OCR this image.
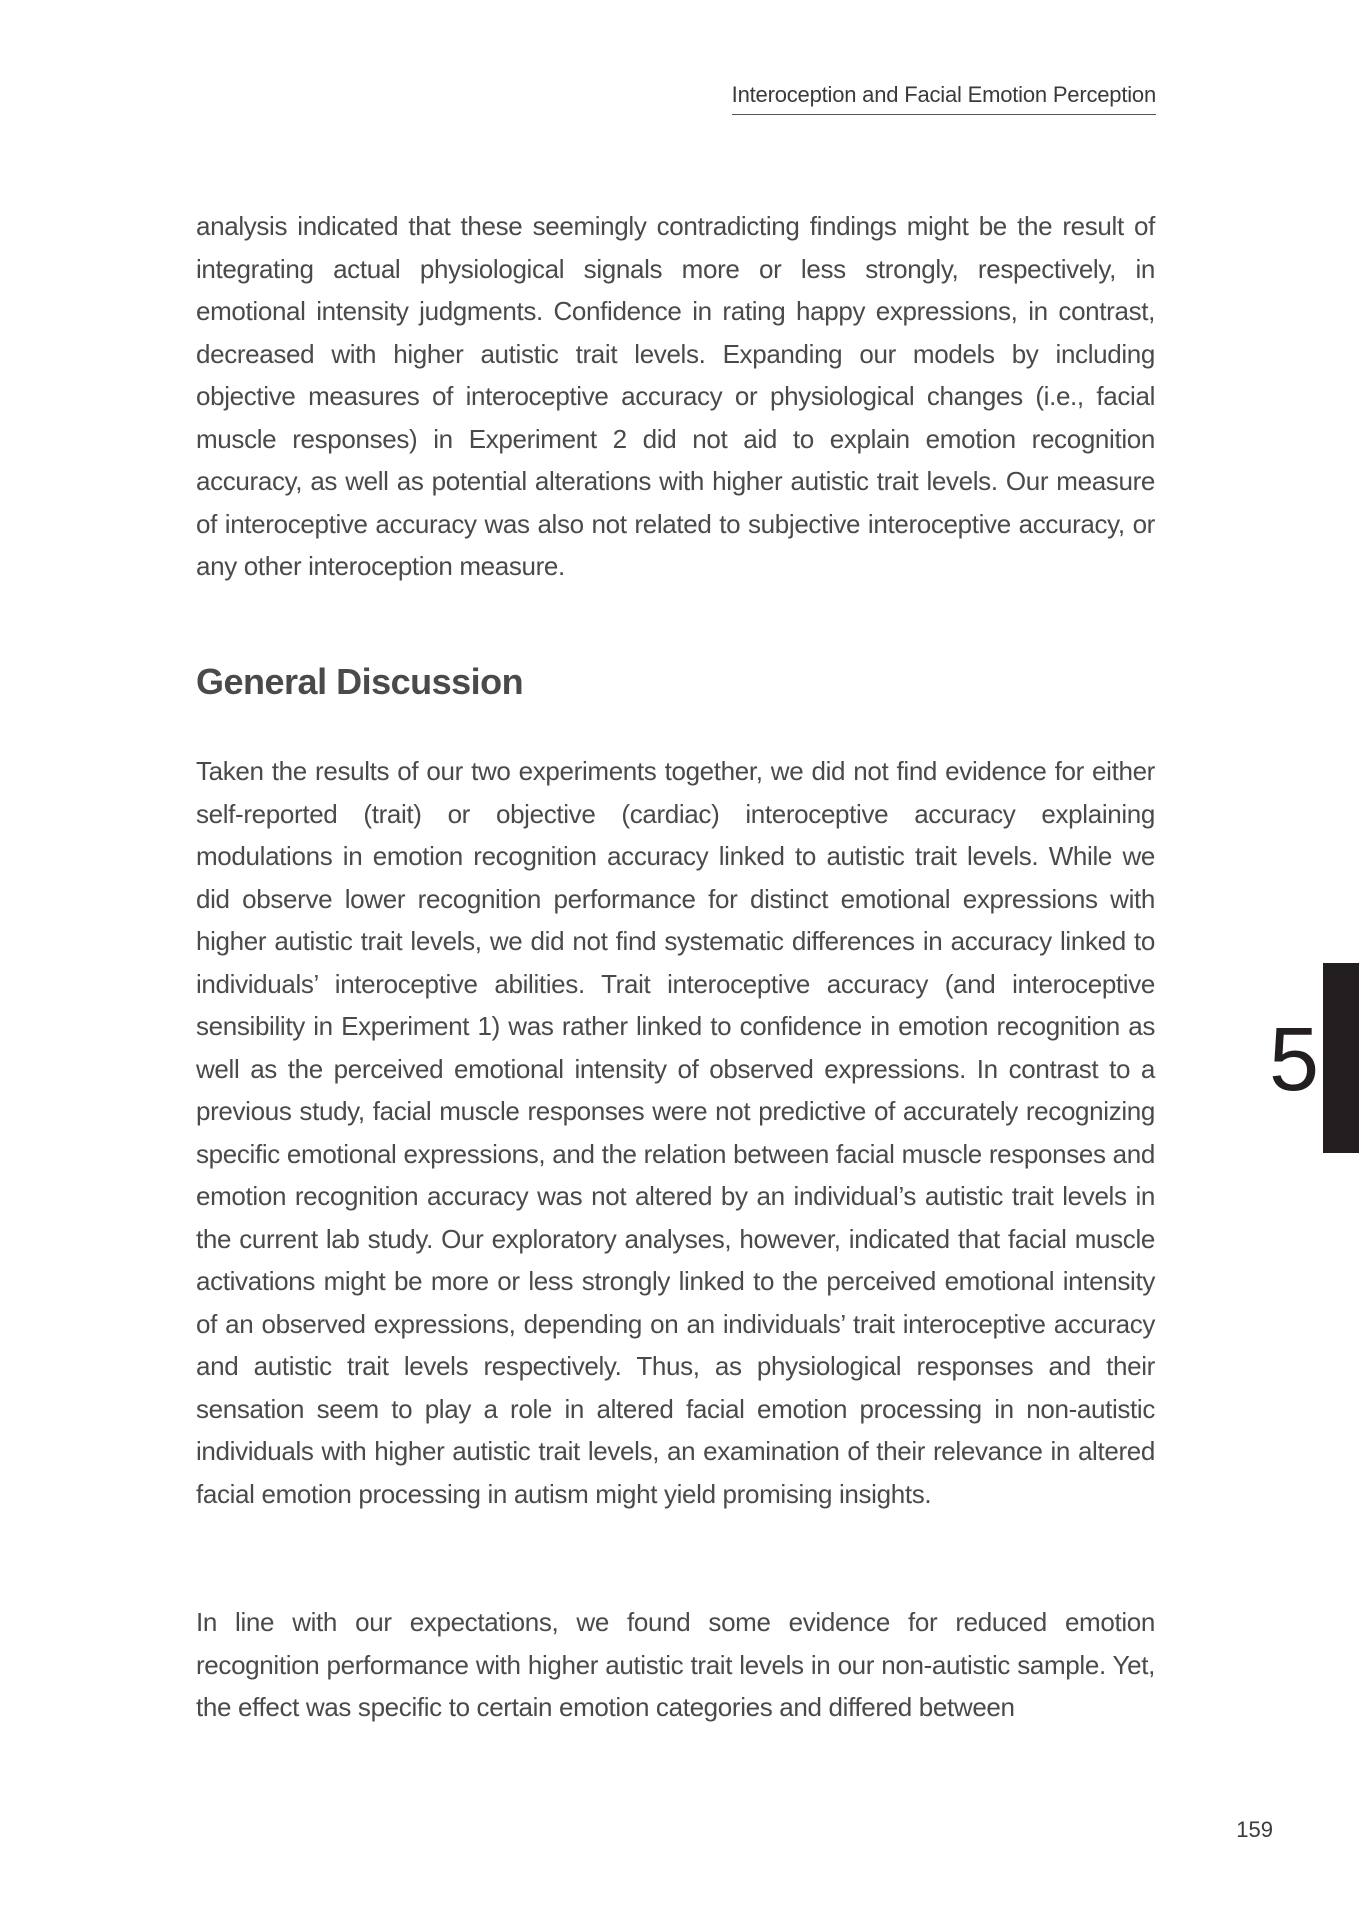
Interoception and Facial Emotion Perception

analysis indicated that these seemingly contradicting findings might be the result of integrating actual physiological signals more or less strongly, respectively, in emotional intensity judgments. Confidence in rating happy expressions, in contrast, decreased with higher autistic trait levels. Expanding our models by including objective measures of interoceptive accuracy or physiological changes (i.e., facial muscle responses) in Experiment 2 did not aid to explain emotion recognition accuracy, as well as potential alterations with higher autistic trait levels. Our measure of interoceptive accuracy was also not related to subjective interoceptive accuracy, or any other interoception measure.

General Discussion

Taken the results of our two experiments together, we did not find evidence for either self-reported (trait) or objective (cardiac) interoceptive accuracy explaining modulations in emotion recognition accuracy linked to autistic trait levels. While we did observe lower recognition performance for distinct emotional expressions with higher autistic trait levels, we did not find systematic differences in accuracy linked to individuals’ interoceptive abilities. Trait interoceptive accuracy (and interoceptive sensibility in Experiment 1) was rather linked to confidence in emotion recognition as well as the perceived emotional intensity of observed expressions. In contrast to a previous study, facial muscle responses were not predictive of accurately recognizing specific emotional expressions, and the relation between facial muscle responses and emotion recognition accuracy was not altered by an individual’s autistic trait levels in the current lab study. Our exploratory analyses, however, indicated that facial muscle activations might be more or less strongly linked to the perceived emotional intensity of an observed expressions, depending on an individuals’ trait interoceptive accuracy and autistic trait levels respectively. Thus, as physiological responses and their sensation seem to play a role in altered facial emotion processing in non-autistic individuals with higher autistic trait levels, an examination of their relevance in altered facial emotion processing in autism might yield promising insights.

In line with our expectations, we found some evidence for reduced emotion recognition performance with higher autistic trait levels in our non-autistic sample. Yet, the effect was specific to certain emotion categories and differed between

5
159
